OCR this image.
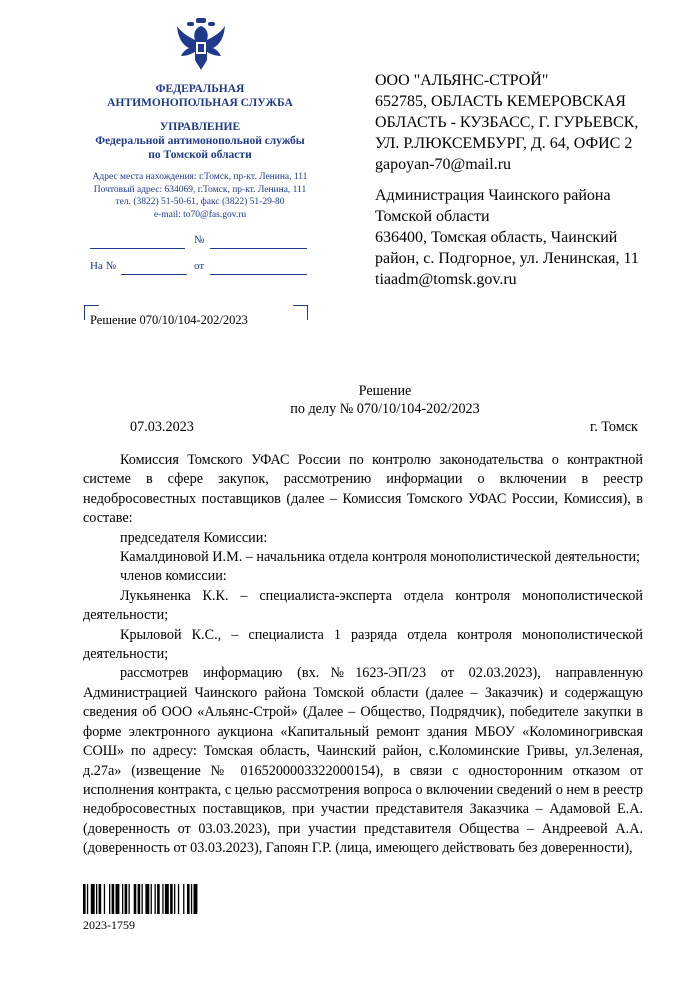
ФЕДЕРАЛЬНАЯ
АНТИМОНОПОЛЬНАЯ СЛУЖБА
УПРАВЛЕНИЕ
Федеральной антимонопольной службы
по Томской области
Адрес места нахождения: г.Томск, пр-кт. Ленина, 111
Почтовый адрес: 634069, г.Томск, пр-кт. Ленина, 111
тел. (3822) 51-50-61, факс (3822) 51-29-80
e-mail: to70@fas.gov.ru
№
На №	от
Решение 070/10/104-202/2023
ООО "АЛЬЯНС-СТРОЙ"
652785, ОБЛАСТЬ КЕМЕРОВСКАЯ
ОБЛАСТЬ - КУЗБАСС, Г. ГУРЬЕВСК,
УЛ. Р.ЛЮКСЕМБУРГ, Д. 64, ОФИС 2
gapoyan-70@mail.ru
Администрация Чаинского района
Томской области
636400, Томская область, Чаинский
район, с. Подгорное, ул. Ленинская, 11
tiaadm@tomsk.gov.ru
Решение
по делу № 070/10/104-202/2023
07.03.2023	г. Томск

Комиссия Томского УФАС России по контролю законодательства о контрактной системе в сфере закупок, рассмотрению информации о включении в реестр недобросовестных поставщиков (далее – Комиссия Томского УФАС России, Комиссия), в составе:

председателя Комиссии:

Камалдиновой И.М. – начальника отдела контроля монополистической деятельности;

членов комиссии:

Лукьяненка К.К. – специалиста-эксперта отдела контроля монополистической деятельности;

Крыловой К.С., – специалиста 1 разряда отдела контроля монополистической деятельности;

рассмотрев информацию (вх.№1623-ЭП/23 от 02.03.2023), направленную Администрацией Чаинского района Томской области (далее – Заказчик) и содержащую сведения об ООО «Альянс-Строй» (Далее – Общество, Подрядчик), победителе закупки в форме электронного аукциона «Капитальный ремонт здания МБОУ «Коломиногривская СОШ» по адресу: Томская область, Чаинский район, с.Коломинские Гривы, ул.Зеленая, д.27а» (извещение № 0165200003322000154), в связи с односторонним отказом от исполнения контракта, с целью рассмотрения вопроса о включении сведений о нем в реестр недобросовестных поставщиков, при участии представителя Заказчика – Адамовой Е.А. (доверенность от 03.03.2023), при участии представителя Общества – Андреевой А.А. (доверенность от 03.03.2023), Гапоян Г.Р. (лица, имеющего действовать без доверенности),

2023-1759
